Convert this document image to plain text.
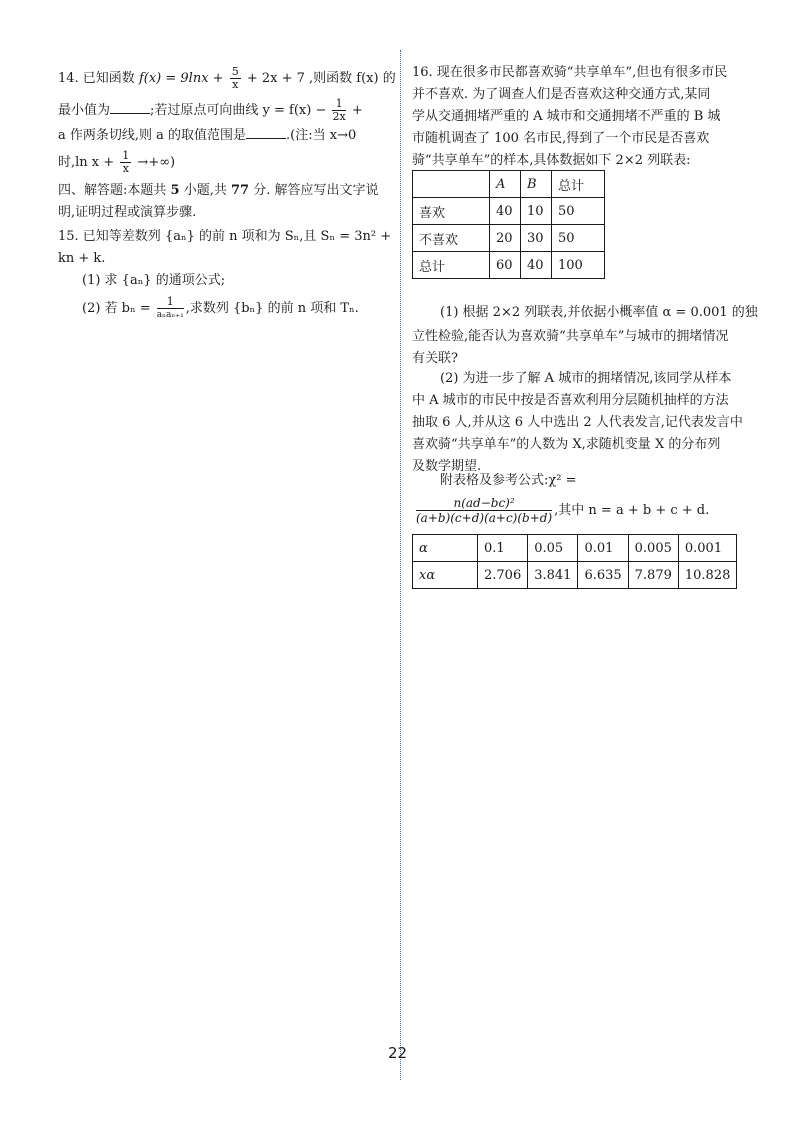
14. 已知函数 $f(x) = 9\ln x + \frac{5}{x} + 2x + 7$ ,则函数 f(x) 的
最小值为	;若过原点可向曲线 $y = f(x) - \frac{1}{2x}$ +
a 作两条切线,则 a 的取值范围是	.(注:当 x→0
时,ln $x + \frac{1}{x}$ →+∞)
四、解答题:本题共 5 小题,共 77 分. 解答应写出文字说
明,证明过程或演算步骤.
15. 已知等差数列 {aₙ} 的前 n 项和为 Sₙ,且 Sₙ = 3n² +
kn + k.
(1) 求 {aₙ} 的通项公式;
(2) 若 $b_n = \frac{1}{\text{aₙaₙ₊₁}}$ ,求数列 {bₙ} 的前 n 项和 Tₙ.
16. 现在很多市民都喜欢骑“共享单车”,但也有很多市民
并不喜欢. 为了调查人们是否喜欢这种交通方式,某同
学从交通拥堵严重的 A 城市和交通拥堵不严重的 B 城
市随机调查了 100 名市民,得到了一个市民是否喜欢
骑“共享单车”的样本,具体数据如下 2×2 列联表:
	A	B	总计
喜欢	40	10	50
不喜欢	20	30	50
总计	60	40	100
(1) 根据 2×2 列联表,并依据小概率值 α = 0.001 的独
立性检验,能否认为喜欢骑“共享单车”与城市的拥堵情况
有关联?
(2) 为进一步了解 A 城市的拥堵情况,该同学从样本
中 A 城市的市民中按是否喜欢利用分层随机抽样的方法
抽取 6 人,并从这 6 人中选出 2 人代表发言,记代表发言中
喜欢骑“共享单车”的人数为 X,求随机变量 X 的分布列
及数学期望.
附表格及参考公式:χ² =
$\frac{\text{n(ad−bc)²}}{(a+b)(c+d)(a+c)(b+d)}$ ,其中 n = a + b + c + d.
α	0.1	0.05	0.01	0.005	0.001
xα	2.706	3.841	6.635	7.879	10.828
22
